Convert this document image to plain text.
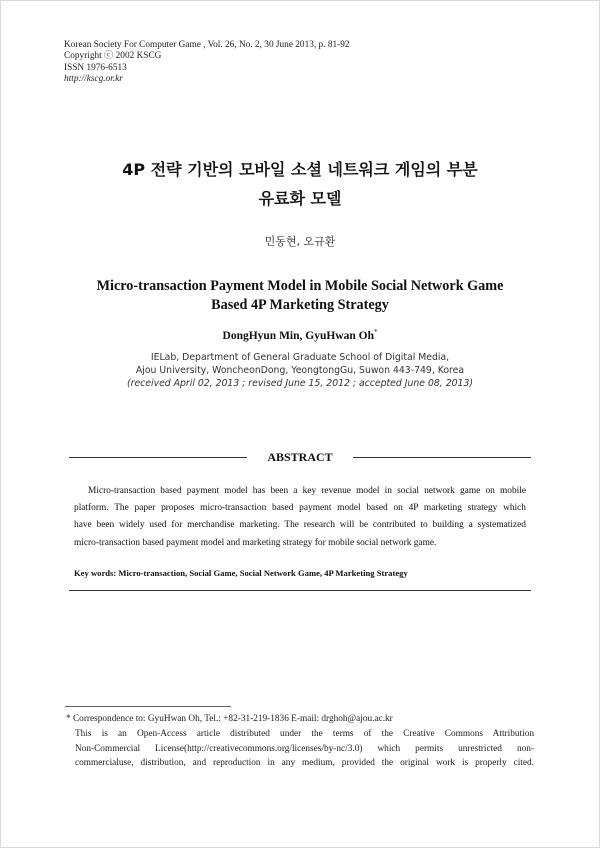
Korean Society For Computer Game , Vol. 26, No. 2, 30 June 2013, p. 81-92
Copyright ⓒ 2002 KSCG
ISSN 1976-6513
http://kscg.or.kr
4P 전략 기반의 모바일 소셜 네트워크 게임의 부분
유료화 모델
민동현, 오규환
Micro-transaction Payment Model in Mobile Social Network Game
Based 4P Marketing Strategy
DongHyun Min, GyuHwan Oh*
IELab, Department of General Graduate School of Digital Media,
Ajou University, WoncheonDong, YeongtongGu, Suwon 443-749, Korea
(received April 02, 2013 ; revised June 15, 2012 ; accepted June 08, 2013)
ABSTRACT
Micro-transaction based payment model has been a key revenue model in social network game on mobile
platform. The paper proposes micro-transaction based payment model based on 4P marketing strategy which
have been widely used for merchandise marketing. The research will be contributed to building a systematized
micro-transaction based payment model and marketing strategy for mobile social network game.
Key words: Micro-transaction, Social Game, Social Network Game, 4P Marketing Strategy
* Correspondence to: GyuHwan Oh, Tel.: +82-31-219-1836 E-mail: drghoh@ajou.ac.kr
This is an Open-Access article distributed under the terms of the Creative Commons Attribution
Non-Commercial License(http://creativecommons.org/licenses/by-nc/3.0) which permits unrestricted non-
commercialuse, distribution, and reproduction in any medium, provided the original work is properly cited.
